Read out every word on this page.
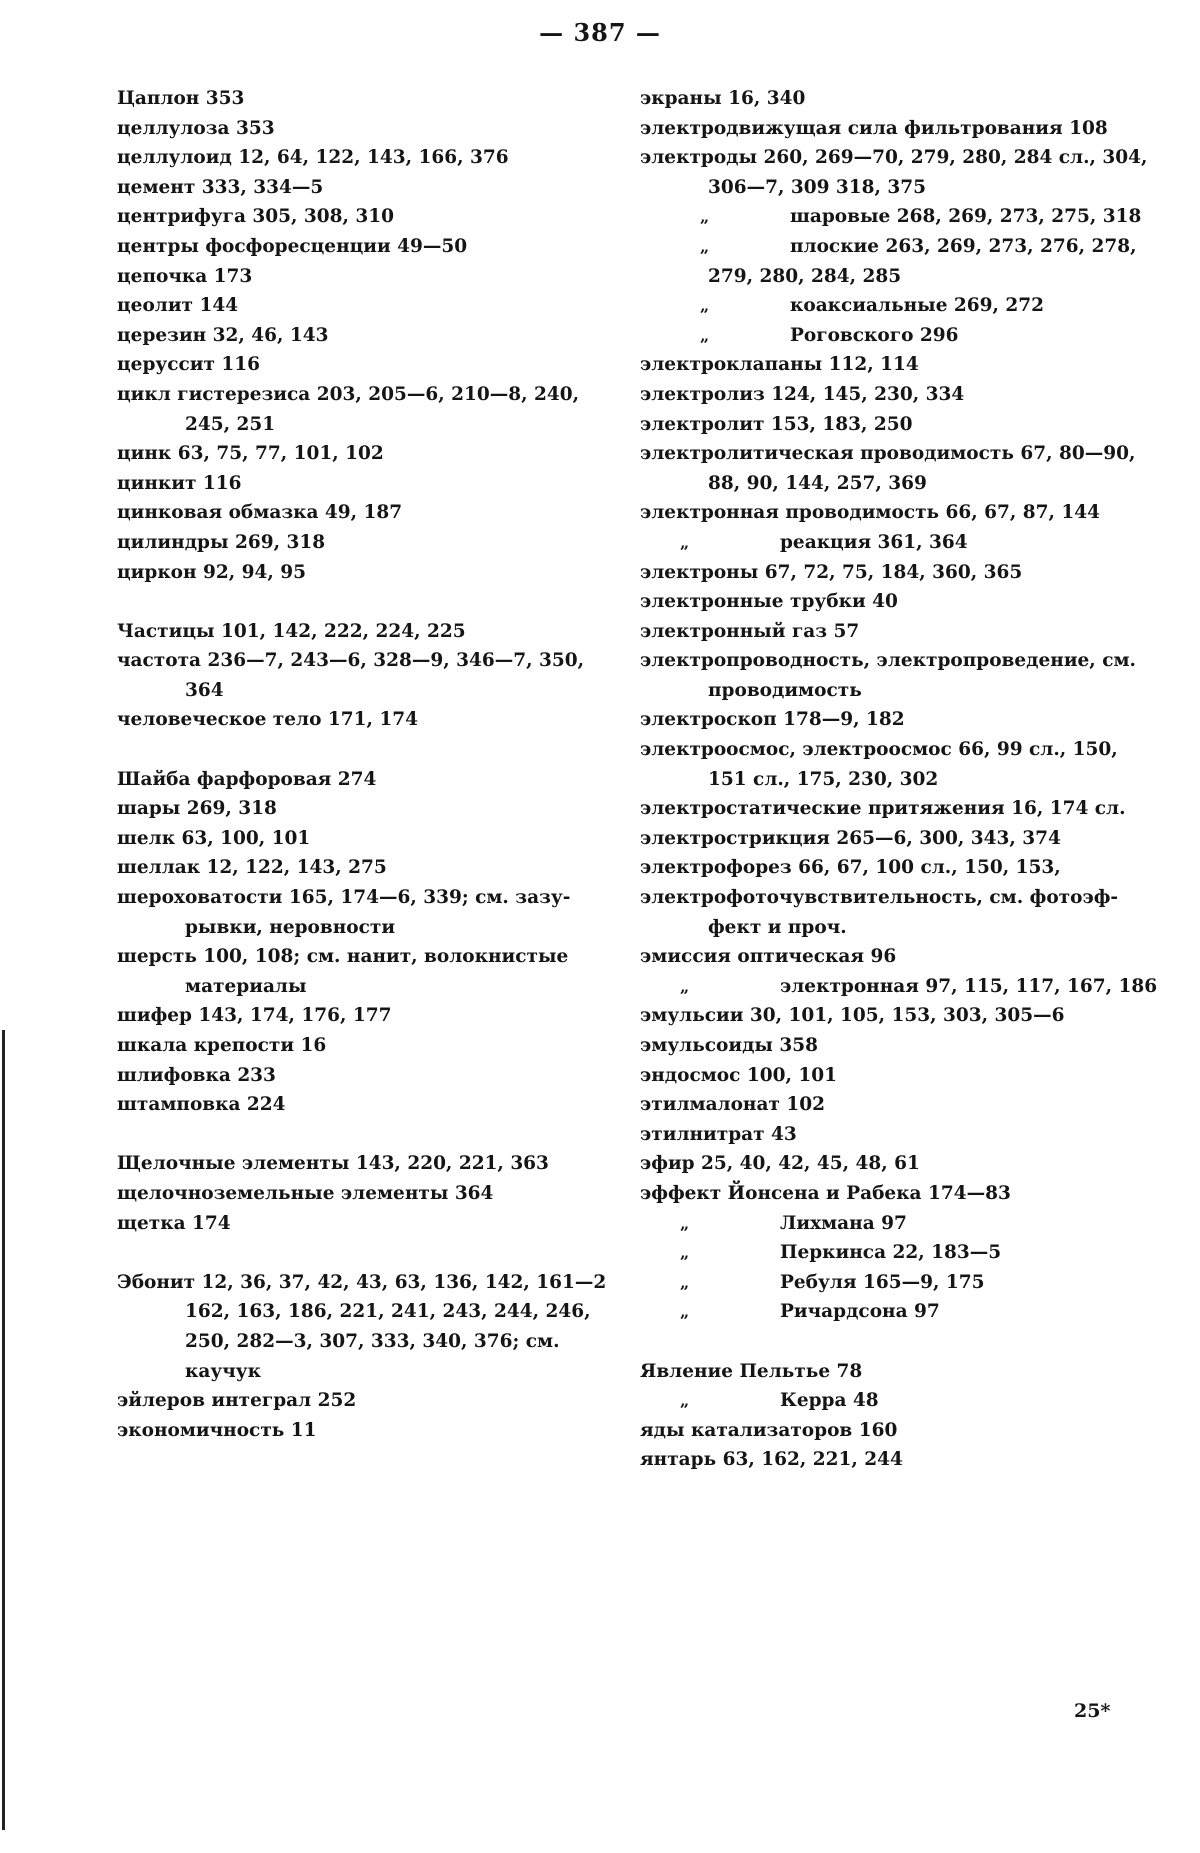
— 387 —
Цаплон 353
целлулоза 353
целлулоид 12, 64, 122, 143, 166, 376
цемент 333, 334—5
центрифуга 305, 308, 310
центры фосфоресценции 49—50
цепочка 173
цеолит 144
церезин 32, 46, 143
церуссит 116
цикл гистерезиса 203, 205—6, 210—8, 240,
245, 251
цинк 63, 75, 77, 101, 102
цинкит 116
цинковая обмазка 49, 187
цилиндры 269, 318
циркон 92, 94, 95
Частицы 101, 142, 222, 224, 225
частота 236—7, 243—6, 328—9, 346—7, 350,
364
человеческое тело 171, 174
Шайба фарфоровая 274
шары 269, 318
шелк 63, 100, 101
шеллак 12, 122, 143, 275
шероховатости 165, 174—6, 339; см. зазу-
рывки, неровности
шерсть 100, 108; см. нанит, волокнистые
материалы
шифер 143, 174, 176, 177
шкала крепости 16
шлифовка 233
штамповка 224
Щелочные элементы 143, 220, 221, 363
щелочноземельные элементы 364
щетка 174
Эбонит 12, 36, 37, 42, 43, 63, 136, 142, 161—2
162, 163, 186, 221, 241, 243, 244, 246,
250, 282—3, 307, 333, 340, 376; см.
каучук
эйлеров интеграл 252
экономичность 11
экраны 16, 340
электродвижущая сила фильтрования 108
электроды 260, 269—70, 279, 280, 284 сл., 304,
306—7, 309 318, 375
„	шаровые 268, 269, 273, 275, 318
„	плоские 263, 269, 273, 276, 278,
279, 280, 284, 285
„	коаксиальные 269, 272
„	Роговского 296
электроклапаны 112, 114
электролиз 124, 145, 230, 334
электролит 153, 183, 250
электролитическая проводимость 67, 80—90,
88, 90, 144, 257, 369
электронная проводимость 66, 67, 87, 144
„	реакция 361, 364
электроны 67, 72, 75, 184, 360, 365
электронные трубки 40
электронный газ 57
электропроводность, электропроведение, см.
проводимость
электроскоп 178—9, 182
электроосмос, электроосмос 66, 99 сл., 150,
151 сл., 175, 230, 302
электростатические притяжения 16, 174 сл.
электрострикция 265—6, 300, 343, 374
электрофорез 66, 67, 100 сл., 150, 153,
электрофоточувствительность, см. фотоэф-
фект и проч.
эмиссия оптическая 96
„	электронная 97, 115, 117, 167, 186
эмульсии 30, 101, 105, 153, 303, 305—6
эмульсоиды 358
эндосмос 100, 101
этилмалонат 102
этилнитрат 43
эфир 25, 40, 42, 45, 48, 61
эффект Йонсена и Рабека 174—83
„	Лихмана 97
„	Перкинса 22, 183—5
„	Ребуля 165—9, 175
„	Ричардсона 97
Явление Пельтье 78
„	Керра 48
яды катализаторов 160
янтарь 63, 162, 221, 244
25*
